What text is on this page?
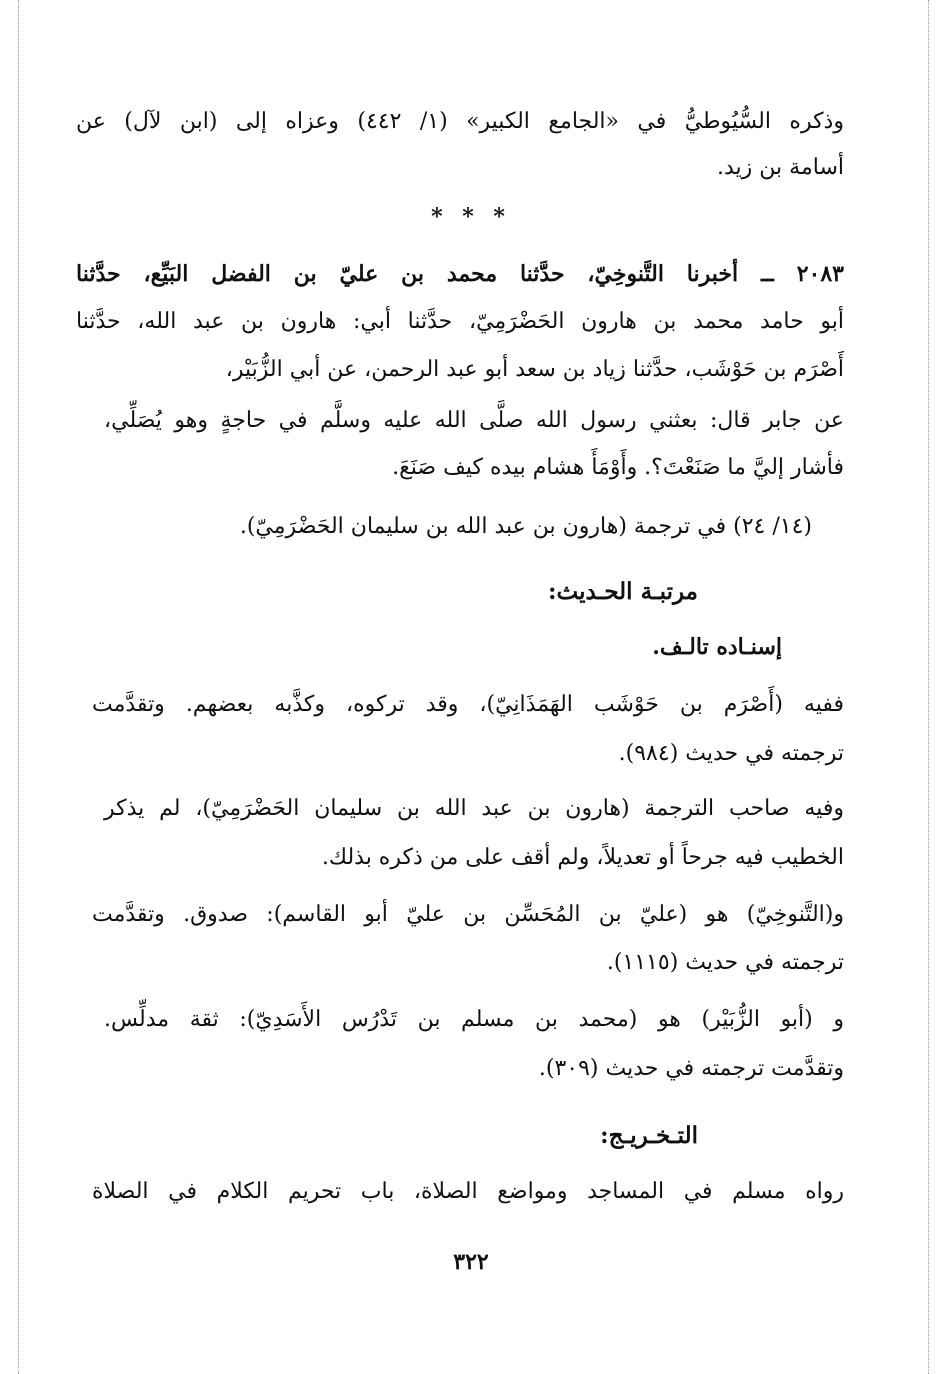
وذكره السُّيُوطيُّ في «الجامع الكبير» (١/ ٤٤٢) وعزاه إلى (ابن لآل) عن
أسامة بن زيد.
* * *
٢٠٨٣ ــ أخبرنا التَّنوخِيّ، حدَّثنا محمد بن عليّ بن الفضل البَيِّع، حدَّثنا
أبو حامد محمد بن هارون الحَضْرَمِيّ، حدَّثنا أبي: هارون بن عبد الله، حدَّثنا
أَصْرَم بن حَوْشَب، حدَّثنا زياد بن سعد أبو عبد الرحمن، عن أبي الزُّبَيْر،
عن جابر قال: بعثني رسول الله صلَّى الله عليه وسلَّم في حاجةٍ وهو يُصَلِّي،
فأشار إليَّ ما صَنَعْتَ؟. وأَوْمَأَ هشام بيده كيف صَنَعَ.
(١٤/ ٢٤) في ترجمة (هارون بن عبد الله بن سليمان الحَضْرَمِيّ).
مرتبـة الحـديث:
إسنـاده تالـف.
ففيه (أَصْرَم بن حَوْشَب الهَمَذَانِيّ)، وقد تركوه، وكذَّبه بعضهم. وتقدَّمت
ترجمته في حديث (٩٨٤).
وفيه صاحب الترجمة (هارون بن عبد الله بن سليمان الحَضْرَمِيّ)، لم يذكر
الخطيب فيه جرحاً أو تعديلاً، ولم أقف على من ذكره بذلك.
و(التَّنوخِيّ) هو (عليّ بن المُحَسِّن بن عليّ أبو القاسم): صدوق. وتقدَّمت
ترجمته في حديث (١١١٥).
و (أبو الزُّبَيْر) هو (محمد بن مسلم بن تَدْرُس الأَسَدِيّ): ثقة مدلِّس.
وتقدَّمت ترجمته في حديث (٣٠٩).
التـخـريـج:
رواه مسلم في المساجد ومواضع الصلاة، باب تحريم الكلام في الصلاة
٣٢٢
